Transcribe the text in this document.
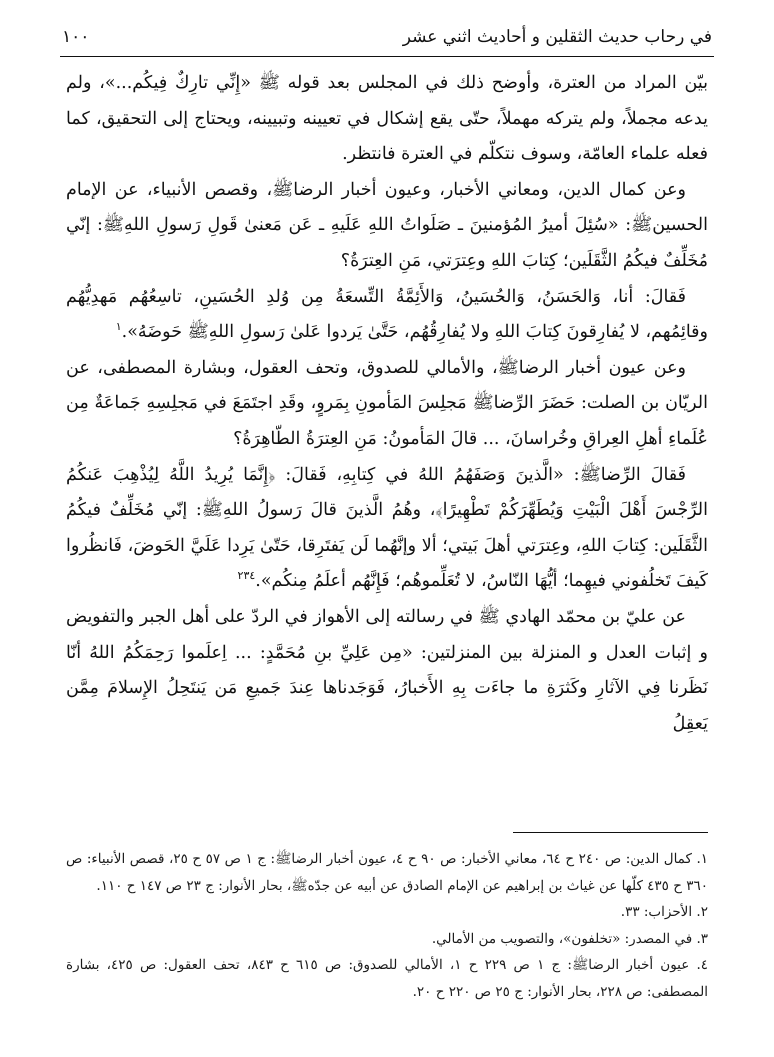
في رحاب حديث الثقلين و أحاديث اثني عشر
١٠٠

بيّن المراد من العترة، وأوضح ذلك في المجلس بعد قوله ﷺ «إِنِّي تارِكٌ فِيكُم...»، ولم يدعه مجملاً، ولم يتركه مهملاً، حتّى يقع إشكال في تعيينه وتبيينه، ويحتاج إلى التحقيق، كما فعله علماء العامّة، وسوف نتكلّم في العترة فانتظر.

وعن كمال الدين، ومعاني الأخبار، وعيون أخبار الرضاﷺ، وقصص الأنبياء، عن الإمام الحسينﷺ: «سُئِلَ أميرُ المُؤمنينَ ـ صَلَواتُ اللهِ عَلَيهِ ـ عَن مَعنىٰ قَولِ رَسولِ اللهِﷺ: إنّي مُخَلِّفٌ فيكُمُ الثَّقَلَين؛ كِتابَ اللهِ وعِترَتي، مَنِ العِترَةُ؟

فَقالَ: أنا، وَالحَسَنُ، وَالحُسَينُ، وَالأَئِمَّةُ التِّسعَةُ مِن وُلدِ الحُسَينِ، تاسِعُهُم مَهدِيُّهُم وقائِمُهم، لا يُفارِقونَ كِتابَ اللهِ ولا يُفارِقُهُم، حَتَّىٰ يَردوا عَلىٰ رَسولِ اللهِﷺ حَوضَهُ».$^١$

وعن عيون أخبار الرضاﷺ، والأمالي للصدوق، وتحف العقول، وبشارة المصطفى، عن الريّان بن الصلت: حَضَرَ الرِّضاﷺ مَجلِسَ المَأمونِ بِمَروٍ، وقَدِ اجتَمَعَ في مَجلِسِهِ جَماعَةٌ مِن عُلَماءِ أهلِ العِراقِ وخُراسانَ، ... قالَ المَأمونُ: مَنِ العِترَةُ الطّاهِرَةُ؟

فَقالَ الرِّضاﷺ: «الَّذينَ وَصَفَهُمُ اللهُ في كِتابِهِ، فَقالَ: ﴿إِنَّمَا يُرِيدُ اللَّهُ لِيُذْهِبَ عَنكُمُ الرِّجْسَ أَهْلَ الْبَيْتِ وَيُطَهِّرَكُمْ تَطْهِيرًا﴾، وهُمُ الَّذينَ قالَ رَسولُ اللهِﷺ: إنّي مُخَلِّفٌ فيكُمُ الثَّقَلَين: كِتابَ اللهِ، وعِترَتي أهلَ بَيتي؛ ألا وإنَّهُما لَن يَفتَرِقا، حَتّىٰ يَرِدا عَلَيَّ الحَوضَ، فَانظُروا كَيفَ تَخلُفوني فيهِما؛ أيُّهَا النّاسُ، لا تُعَلِّموهُم؛ فَإِنَّهُم أعلَمُ مِنكُم».$^{٢٣٤}$

عن عليّ بن محمّد الهادي ﷺ في رسالته إلى الأهواز في الردّ على أهل الجبر والتفويض و إثبات العدل و المنزلة بين المنزلتين: «مِن عَلِيِّ بنِ مُحَمَّدٍ: ... اِعلَموا رَحِمَكُمُ اللهُ أنّا نَظَرنا فِي الآثارِ وكَثرَةِ ما جاءَت بِهِ الأَخبارُ، فَوَجَدناها عِندَ جَميعِ مَن يَنتَحِلُ الإِسلامَ مِمَّن يَعقِلُ

١. كمال الدين: ص ٢٤٠ ح ٦٤، معاني الأخبار: ص ٩٠ ح ٤، عيون أخبار الرضاﷺ: ج ١ ص ٥٧ ح ٢٥، قصص الأنبياء: ص ٣٦٠ ح ٤٣٥ كلّها عن غياث بن إبراهيم عن الإمام الصادق عن أبيه عن جدّهﷺ، بحار الأنوار: ج ٢٣ ص ١٤٧ ح ١١٠.
٢. الأحزاب: ٣٣.
٣. في المصدر: «تخلفون»، والتصويب من الأمالي.
٤. عيون أخبار الرضاﷺ: ج ١ ص ٢٢٩ ح ١، الأمالي للصدوق: ص ٦١٥ ح ٨٤٣، تحف العقول: ص ٤٢٥، بشارة المصطفى: ص ٢٢٨، بحار الأنوار: ج ٢٥ ص ٢٢٠ ح ٢٠.
